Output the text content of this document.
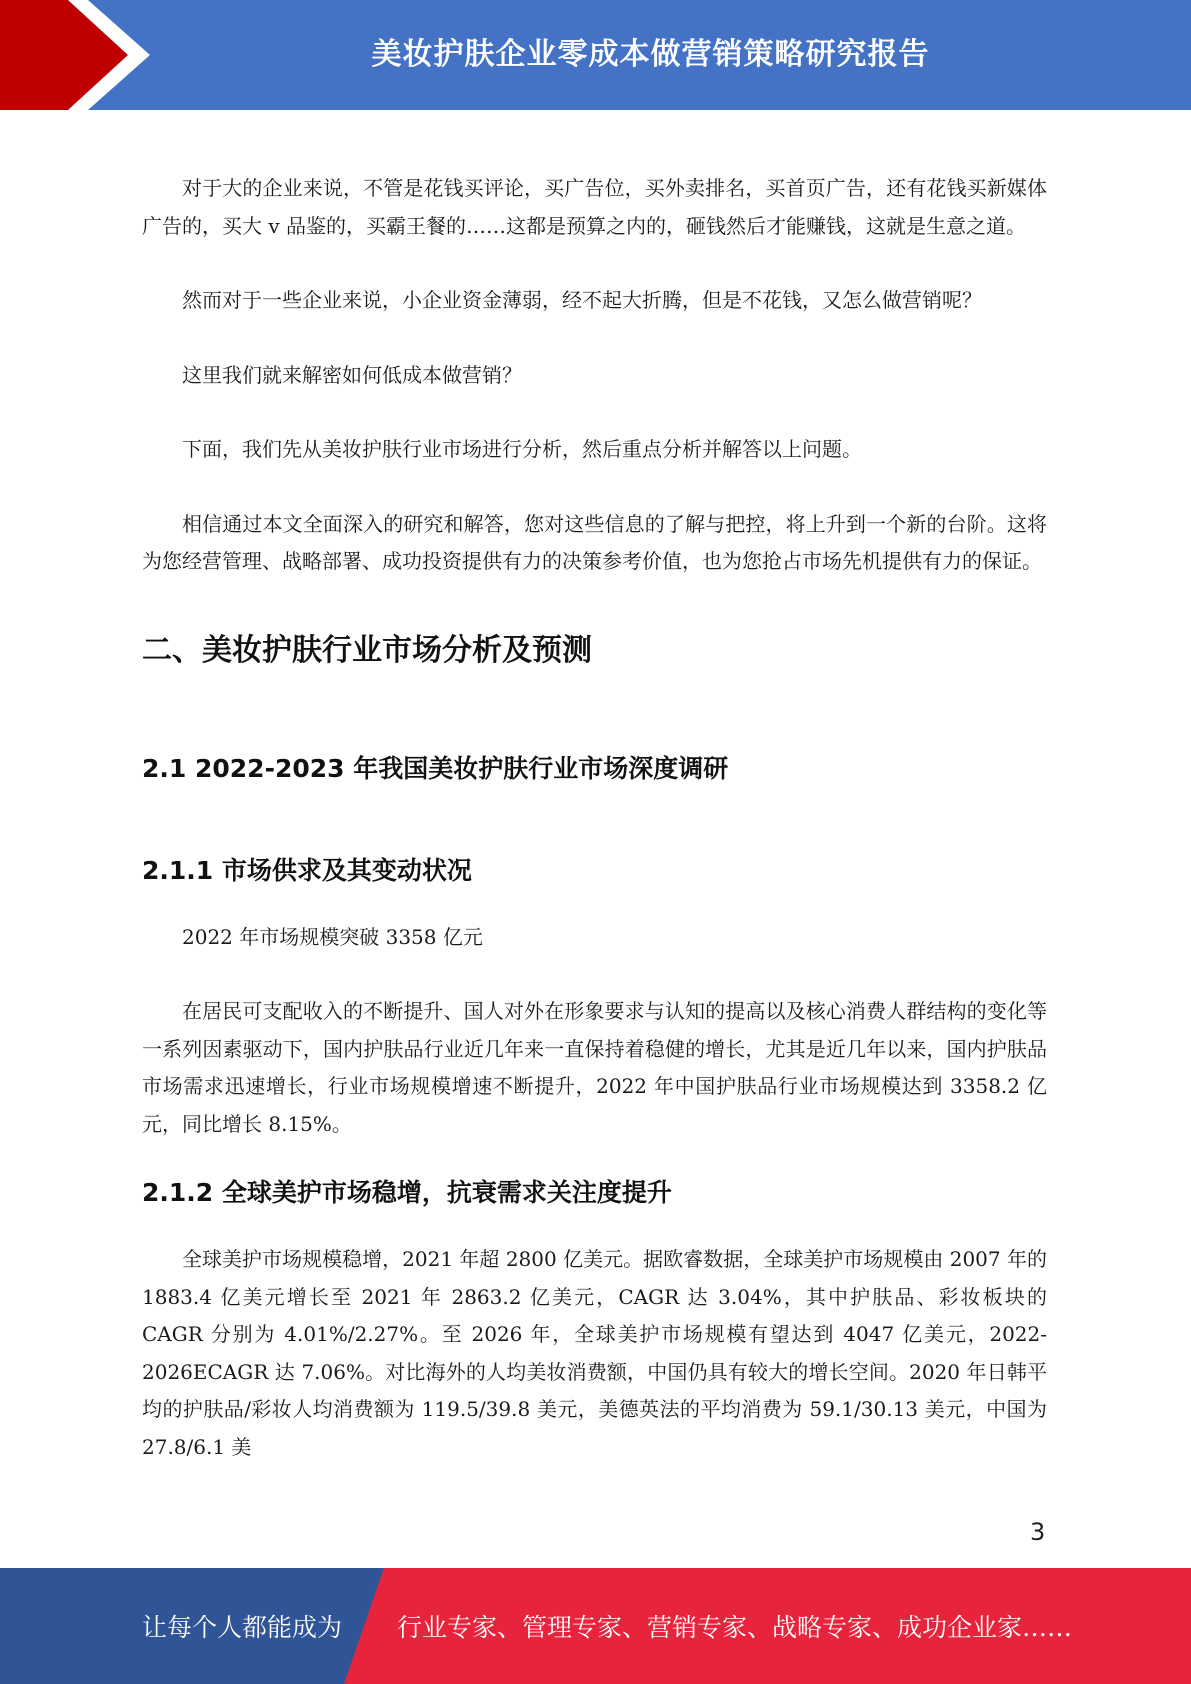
美妆护肤企业零成本做营销策略研究报告

对于大的企业来说，不管是花钱买评论，买广告位，买外卖排名，买首页广告，还有花钱买新媒体广告的，买大 v 品鉴的，买霸王餐的……这都是预算之内的，砸钱然后才能赚钱，这就是生意之道。

然而对于一些企业来说，小企业资金薄弱，经不起大折腾，但是不花钱，又怎么做营销呢？

这里我们就来解密如何低成本做营销？

下面，我们先从美妆护肤行业市场进行分析，然后重点分析并解答以上问题。

相信通过本文全面深入的研究和解答，您对这些信息的了解与把控，将上升到一个新的台阶。这将为您经营管理、战略部署、成功投资提供有力的决策参考价值，也为您抢占市场先机提供有力的保证。

二、美妆护肤行业市场分析及预测
2.1 2022-2023 年我国美妆护肤行业市场深度调研
2.1.1 市场供求及其变动状况

2022 年市场规模突破 3358 亿元

在居民可支配收入的不断提升、国人对外在形象要求与认知的提高以及核心消费人群结构的变化等一系列因素驱动下，国内护肤品行业近几年来一直保持着稳健的增长，尤其是近几年以来，国内护肤品市场需求迅速增长，行业市场规模增速不断提升，2022 年中国护肤品行业市场规模达到 3358.2 亿元，同比增长 8.15%。

2.1.2 全球美护市场稳增，抗衰需求关注度提升

全球美护市场规模稳增，2021 年超 2800 亿美元。据欧睿数据，全球美护市场规模由 2007 年的 1883.4 亿美元增长至 2021 年 2863.2 亿美元，CAGR 达 3.04%，其中护肤品、彩妆板块的 CAGR 分别为 4.01%/2.27%。至 2026 年，全球美护市场规模有望达到 4047 亿美元，2022-2026ECAGR 达 7.06%。对比海外的人均美妆消费额，中国仍具有较大的增长空间。2020 年日韩平均的护肤品/彩妆人均消费额为 119.5/39.8 美元，美德英法的平均消费为 59.1/30.13 美元，中国为 27.8/6.1 美

3
让每个人都能成为 行业专家、管理专家、营销专家、战略专家、成功企业家……
